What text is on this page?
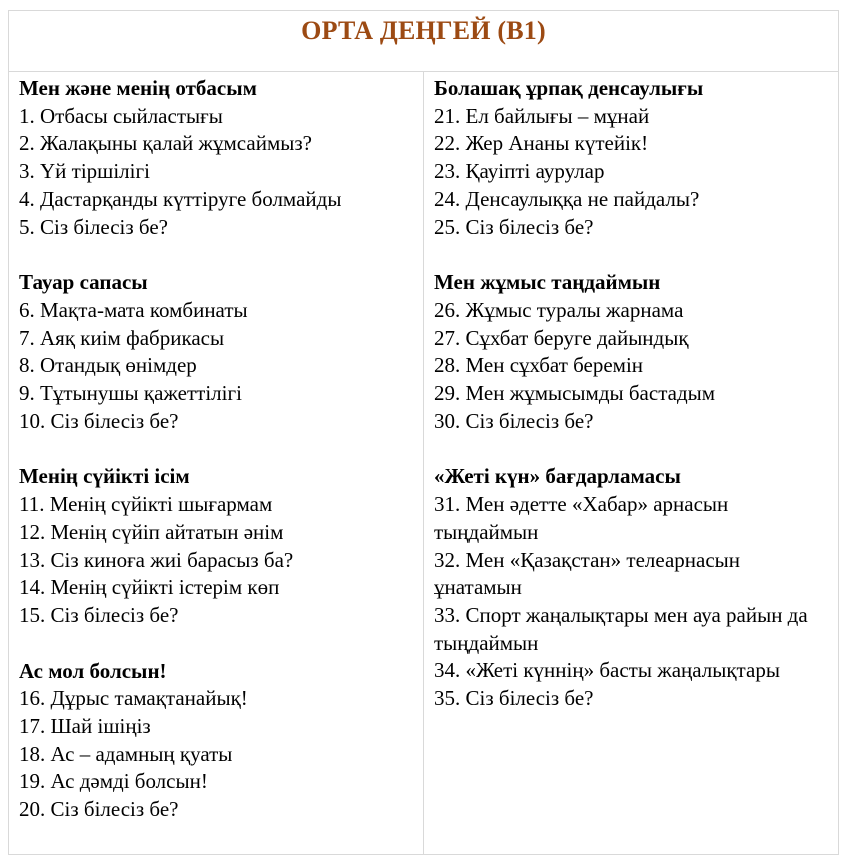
ОРТА ДЕҢГЕЙ (В1)
Мен және менің отбасым
1. Отбасы сыйластығы
2. Жалақыны қалай жұмсаймыз?
3. Үй тіршілігі
4. Дастарқанды күттіруге болмайды
5. Сіз білесіз бе?
Тауар сапасы
6. Мақта-мата комбинаты
7. Аяқ киім фабрикасы
8. Отандық өнімдер
9. Тұтынушы қажеттілігі
10. Сіз білесіз бе?
Менің сүйікті ісім
11. Менің сүйікті шығармам
12. Менің сүйіп айтатын әнім
13. Сіз киноға жиі барасыз ба?
14. Менің сүйікті істерім көп
15. Сіз білесіз бе?
Ас мол болсын!
16. Дұрыс тамақтанайық!
17. Шай ішіңіз
18. Ас – адамның қуаты
19. Ас дәмді болсын!
20. Сіз білесіз бе?
Болашақ ұрпақ денсаулығы
21. Ел байлығы – мұнай
22. Жер Ананы күтейік!
23. Қауіпті аурулар
24. Денсаулыққа не пайдалы?
25. Сіз білесіз бе?
Мен жұмыс таңдаймын
26. Жұмыс туралы жарнама
27. Сұхбат беруге дайындық
28. Мен сұхбат беремін
29. Мен жұмысымды бастадым
30. Сіз білесіз бе?
«Жеті күн» бағдарламасы
31. Мен әдетте «Хабар» арнасын тыңдаймын
32. Мен «Қазақстан» телеарнасын ұнатамын
33. Спорт жаңалықтары мен ауа райын да тыңдаймын
34. «Жеті күннің» басты жаңалықтары
35. Сіз білесіз бе?
